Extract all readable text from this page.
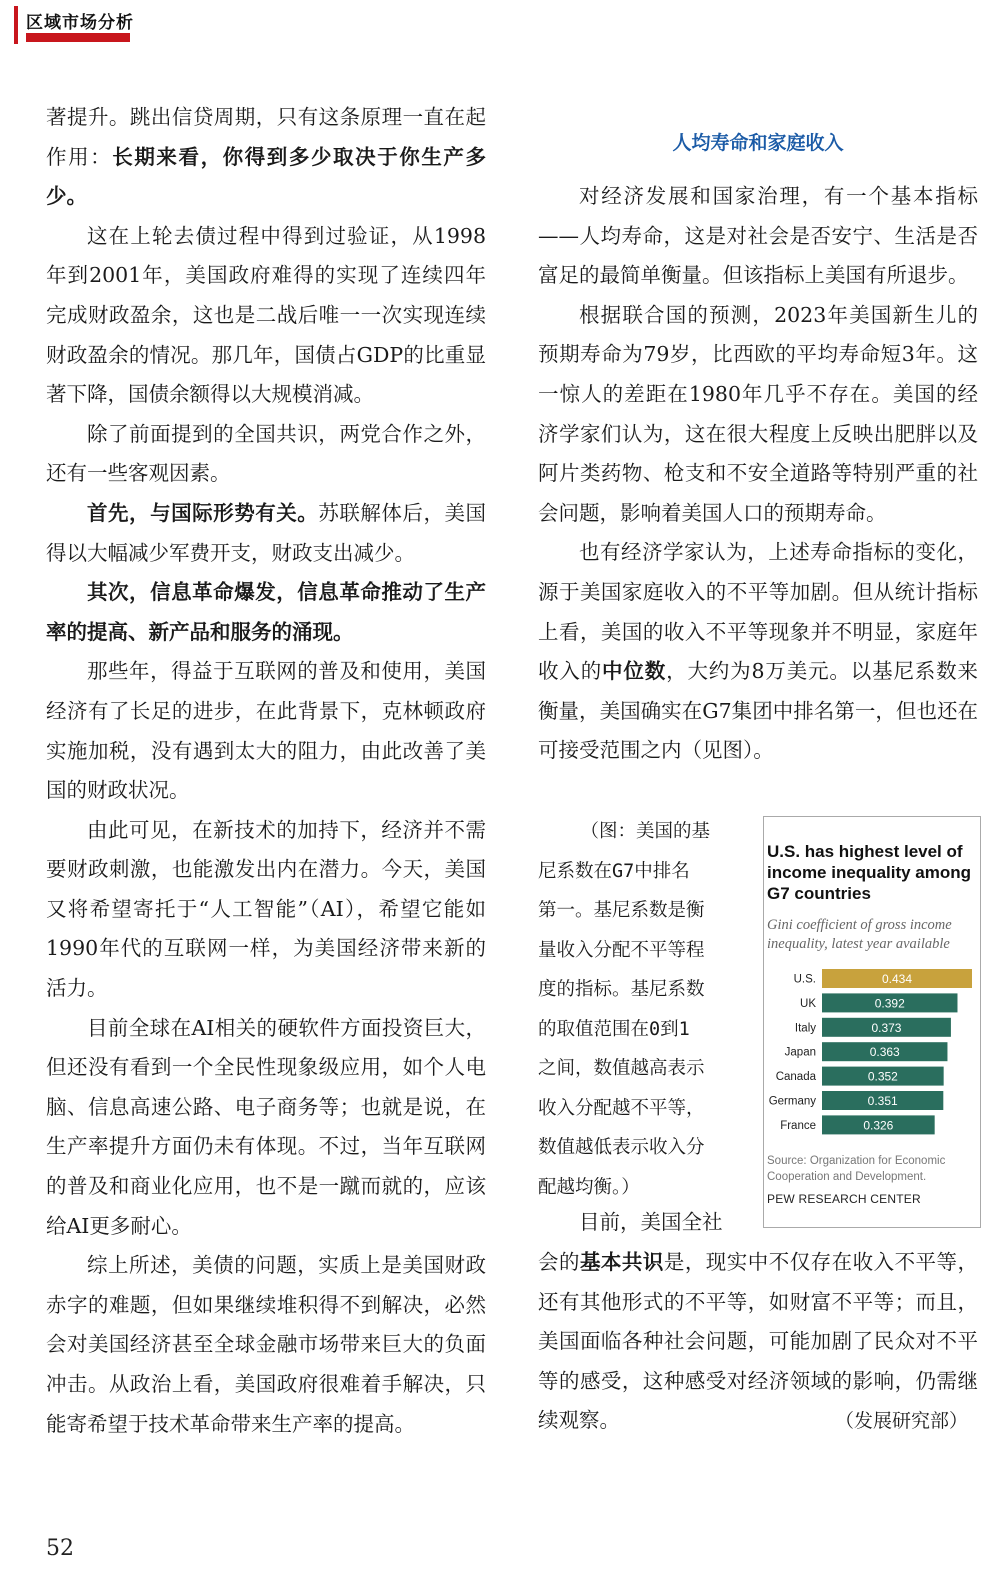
区域市场分析

著提升。跳出信贷周期，只有这条原理一直在起作用：长期来看，你得到多少取决于你生产多少。

这在上轮去债过程中得到过验证，从1998年到2001年，美国政府难得的实现了连续四年完成财政盈余，这也是二战后唯一一次实现连续财政盈余的情况。那几年，国债占GDP的比重显著下降，国债余额得以大规模消减。

除了前面提到的全国共识，两党合作之外，还有一些客观因素。

首先，与国际形势有关。苏联解体后，美国得以大幅减少军费开支，财政支出减少。

其次，信息革命爆发，信息革命推动了生产率的提高、新产品和服务的涌现。

那些年，得益于互联网的普及和使用，美国经济有了长足的进步，在此背景下，克林顿政府实施加税，没有遇到太大的阻力，由此改善了美国的财政状况。

由此可见，在新技术的加持下，经济并不需要财政刺激，也能激发出内在潜力。今天，美国又将希望寄托于“人工智能”（AI），希望它能如1990年代的互联网一样，为美国经济带来新的活力。

目前全球在AI相关的硬软件方面投资巨大，但还没有看到一个全民性现象级应用，如个人电脑、信息高速公路、电子商务等；也就是说，在生产率提升方面仍未有体现。不过，当年互联网的普及和商业化应用，也不是一蹴而就的，应该给AI更多耐心。

综上所述，美债的问题，实质上是美国财政赤字的难题，但如果继续堆积得不到解决，必然会对美国经济甚至全球金融市场带来巨大的负面冲击。从政治上看，美国政府很难着手解决，只能寄希望于技术革命带来生产率的提高。

人均寿命和家庭收入

对经济发展和国家治理，有一个基本指标——人均寿命，这是对社会是否安宁、生活是否富足的最简单衡量。但该指标上美国有所退步。

根据联合国的预测，2023年美国新生儿的预期寿命为79岁，比西欧的平均寿命短3年。这一惊人的差距在1980年几乎不存在。美国的经济学家们认为，这在很大程度上反映出肥胖以及阿片类药物、枪支和不安全道路等特别严重的社会问题，影响着美国人口的预期寿命。

也有经济学家认为，上述寿命指标的变化，源于美国家庭收入的不平等加剧。但从统计指标上看，美国的收入不平等现象并不明显，家庭年收入的中位数，大约为8万美元。以基尼系数来衡量，美国确实在G7集团中排名第一，但也还在可接受范围之内（见图）。

（图：美国的基

尼系数在G7中排名

第一。基尼系数是衡

量收入分配不平等程

度的指标。基尼系数

的取值范围在0到1

之间，数值越高表示

收入分配越不平等，

数值越低表示收入分

配越均衡。）

U.S. has highest level of
income inequality among
G7 countries
Gini coefficient of gross income
inequality, latest year available
U.S.	0.434
UK	0.392
Italy	0.373
Japan	0.363
Canada	0.352
Germany	0.351
France	0.326
Source: Organization for Economic
Cooperation and Development.
PEW RESEARCH CENTER

目前，美国全社

会的基本共识是，现实中不仅存在收入不平等，还有其他形式的不平等，如财富不平等；而且，美国面临各种社会问题，可能加剧了民众对不平等的感受，这种感受对经济领域的影响，仍需继续观察。	（发展研究部）
52
